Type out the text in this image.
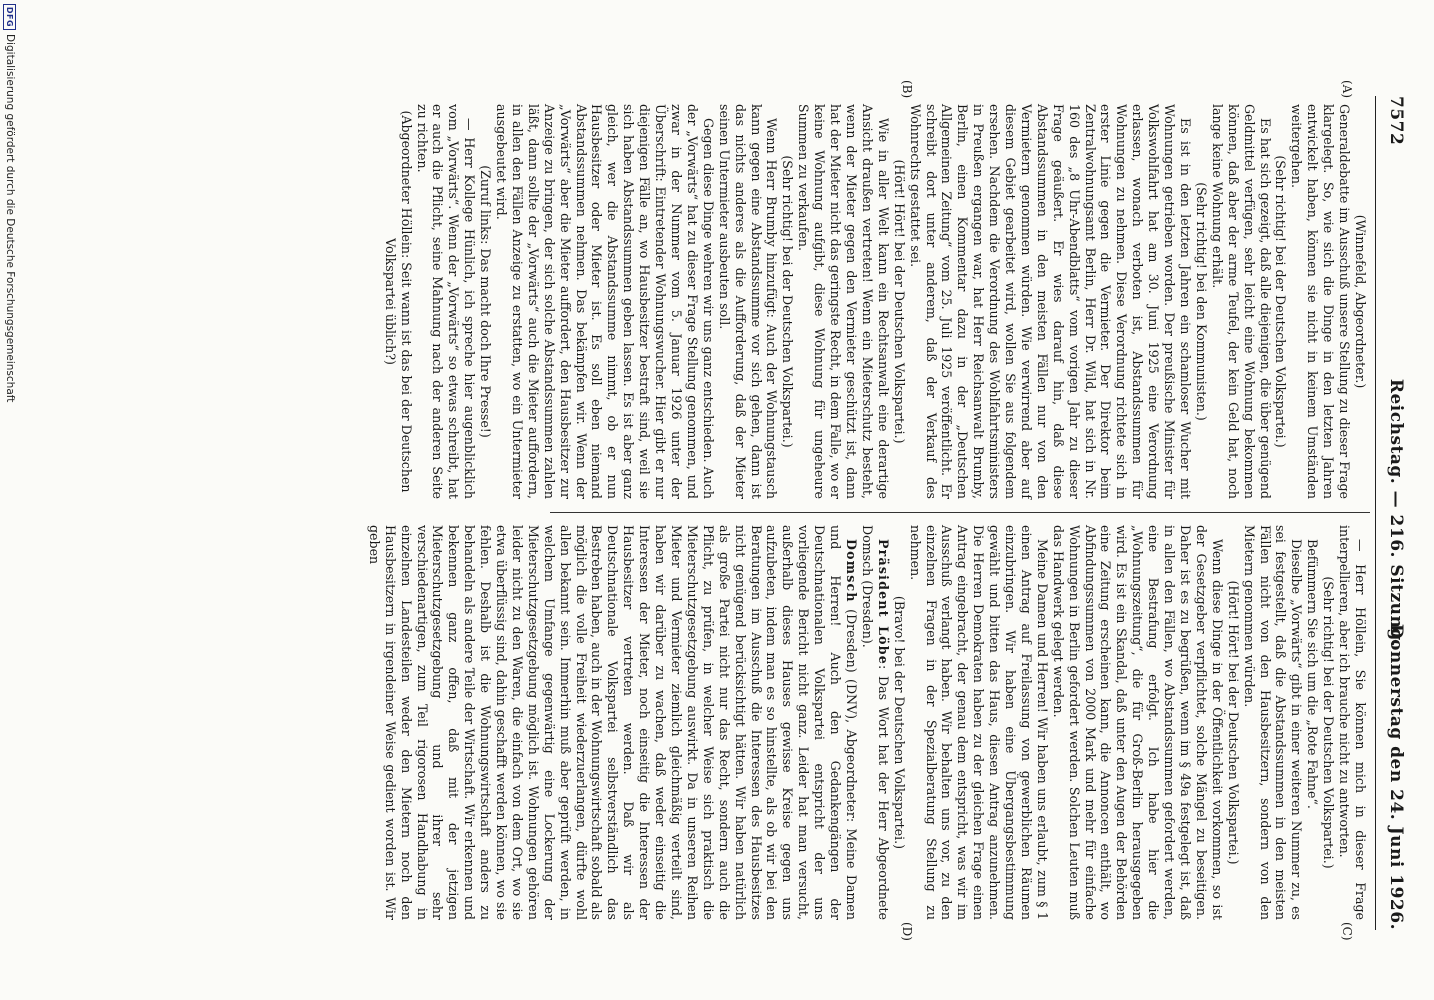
7572
Reichstag. — 216. Sitzung.
Donnerstag den 24. Juni 1926.
(A)
(B)
(C)
(D)

(Winnefeld, Abgeordneter.)

Generaldebatte im Ausschuß unsere Stellung zu dieser Frage klargelegt. So, wie sich die Dinge in den letzten Jahren entwickelt haben, können sie nicht in keinem Umständen weitergehen.

(Sehr richtig! bei der Deutschen Volkspartei.)

Es hat sich gezeigt, daß alle diejenigen, die über genügend Geldmittel verfügen, sehr leicht eine Wohnung bekommen können, daß aber der arme Teufel, der kein Geld hat, noch lange keine Wohnung erhält.

(Sehr richtig! bei den Kommunisten.)

Es ist in den letzten Jahren ein schamloser Wucher mit Wohnungen getrieben worden. Der preußische Minister für Volkswohlfahrt hat am 30. Juni 1925 eine Verordnung erlassen, wonach verboten ist, Abstandssummen für Wohnungen zu nehmen. Diese Verordnung richtete sich in erster Linie gegen die Vermieter. Der Direktor beim Zentralwohnungsamt Berlin, Herr Dr. Wild, hat sich in Nr. 160 des „8 Uhr-Abendblatts“ vom vorigen Jahr zu dieser Frage geäußert. Er wies darauf hin, daß diese Abstandssummen in den meisten Fällen nur von den Vermietern genommen würden. Wie verwirrend aber auf diesem Gebiet gearbeitet wird, wollen Sie aus folgendem ersehen. Nachdem die Verordnung des Wohlfahrtsministers in Preußen ergangen war, hat Herr Reichsanwalt Brumby, Berlin, einen Kommentar dazu in der „Deutschen Allgemeinen Zeitung“ vom 25. Juli 1925 veröffentlicht. Er schreibt dort unter anderem, daß der Verkauf des Wohnrechts gestattet sei.

(Hört! Hört! bei der Deutschen Volkspartei.)

Wie in aller Welt kann ein Rechtsanwalt eine derartige Ansicht draußen vertreten! Wenn ein Mieterschutz besteht, wenn der Mieter gegen den Vermieter geschützt ist, dann hat der Mieter nicht das geringste Recht, in dem Falle, wo er keine Wohnung aufgibt, diese Wohnung für ungeheure Summen zu verkaufen.

(Sehr richtig! bei der Deutschen Volkspartei.)

Wenn Herr Brumby hinzufügt: Auch der Wohnungstausch kann gegen eine Abstandssumme vor sich gehen, dann ist das nichts anderes als die Aufforderung, daß der Mieter seinen Untermieter ausbeuten soll.

Gegen diese Dinge wehren wir uns ganz entschieden. Auch der „Vorwärts“ hat zu dieser Frage Stellung genommen, und zwar in der Nummer vom 5. Januar 1926 unter der Überschrift: Eintretender Wohnungswucher. Hier gibt er nur diejenigen Fälle an, wo Hausbesitzer bestraft sind, weil sie sich haben Abstandssummen geben lassen. Es ist aber ganz gleich, wer die Abstandssumme nimmt, ob er nun Hausbesitzer oder Mieter ist. Es soll eben niemand Abstandssummen nehmen. Das bekämpfen wir. Wenn der „Vorwärts“ aber die Mieter auffordert, den Hausbesitzer zur Anzeige zu bringen, der sich solche Abstandssummen zahlen läßt, dann sollte der „Vorwärts“ auch die Mieter auffordern, in allen den Fällen Anzeige zu erstatten, wo ein Untermieter ausgebeutet wird.

(Zuruf links: Das macht doch Ihre Presse!)

— Herr Kollege Hünlich, ich spreche hier augenblicklich vom „Vorwärts“. Wenn der „Vorwärts“ so etwas schreibt, hat er auch die Pflicht, seine Mahnung nach der anderen Seite zu richten.

(Abgeordneter Höllein: Seit wann ist das bei der Deutschen Volkspartei üblich?)

— Herr Höllein, Sie können mich in dieser Frage interpellieren, aber ich brauche nicht zu antworten.

(Sehr richtig! bei der Deutschen Volkspartei.)

Befümmern Sie sich um die „Rote Fahne“.

Dieselbe „Vorwärts“ gibt in einer weiteren Nummer zu, es sei festgestellt, daß die Abstandssummen in den meisten Fällen nicht von den Hausbesitzern, sondern von den Mietern genommen würden.

(Hört! Hört! bei der Deutschen Volkspartei.)

Wenn diese Dinge in der Öffentlichkeit vorkommen, so ist der Gesetzgeber verpflichtet, solche Mängel zu beseitigen. Daher ist es zu begrüßen, wenn im § 49a festgelegt ist, daß in allen den Fällen, wo Abstandssummen gefordert werden, eine Bestrafung erfolgt. Ich habe hier die „Wohnungszeitung“, die für Groß-Berlin herausgegeben wird. Es ist ein Skandal, daß unter den Augen der Behörden eine Zeitung erscheinen kann, die Annoncen enthält, wo Abfindungssummen von 2000 Mark und mehr für einfache Wohnungen in Berlin gefordert werden. Solchen Leuten muß das Handwerk gelegt werden.

Meine Damen und Herren! Wir haben uns erlaubt, zum § 1 einen Antrag auf Freilassung von gewerblichen Räumen einzubringen. Wir haben eine Übergangsbestimmung gewählt und bitten das Haus, diesen Antrag anzunehmen. Die Herren Demokraten haben zu der gleichen Frage einen Antrag eingebracht, der genau dem entspricht, was wir im Ausschuß verlangt haben. Wir behalten uns vor, zu den einzelnen Fragen in der Spezialberatung Stellung zu nehmen.

(Bravo! bei der Deutschen Volkspartei.)

Präsident Löbe: Das Wort hat der Herr Abgeordnete Domsch (Dresden).

Domsch (Dresden) (DNV), Abgeordneter: Meine Damen und Herren! Auch den Gedankengängen der Deutschnationalen Volkspartei entspricht der uns vorliegende Bericht nicht ganz. Leider hat man versucht, außerhalb dieses Hauses gewisse Kreise gegen uns aufzubeten, indem man es so hinstellte, als ob wir bei den Beratungen im Ausschuß die Interessen des Hausbesitzes nicht genügend berücksichtigt hätten. Wir haben natürlich als große Partei nicht nur das Recht, sondern auch die Pflicht, zu prüfen, in welcher Weise sich praktisch die Mieterschutzgesetzgebung auswirkt. Da in unseren Reihen Mieter und Vermieter ziemlich gleichmäßig verteilt sind, haben wir darüber zu wachen, daß weder einseitig die Interessen der Mieter, noch einseitig die Interessen der Hausbesitzer vertreten werden. Daß wir als Deutschnationale Volkspartei selbstverständlich das Bestreben haben, auch in der Wohnungswirtschaft sobald als möglich die volle Freiheit wiederzuerlangen, dürfte wohl allen bekannt sein. Immerhin muß aber geprüft werden, in welchem Umfange gegenwärtig eine Lockerung der Mieterschutzgesetzgebung möglich ist. Wohnungen gehören leider nicht zu den Waren, die einfach von dem Ort, wo sie etwa überflüssig sind, dahin geschafft werden können, wo sie fehlen. Deshalb ist die Wohnungswirtschaft anders zu behandeln als andere Teile der Wirtschaft. Wir erkennen und bekennen ganz offen, daß mit der jetzigen Mieterschutzgesetzgebung und ihrer sehr verschiedenartigen, zum Teil rigorosen Handhabung in einzelnen Landesteilen weder den Mietern noch den Hausbesitzern in irgendeiner Weise gedient worden ist. Wir geben

DFG
Digitalisierung gefördert durch die Deutsche Forschungsgemeinschaft
